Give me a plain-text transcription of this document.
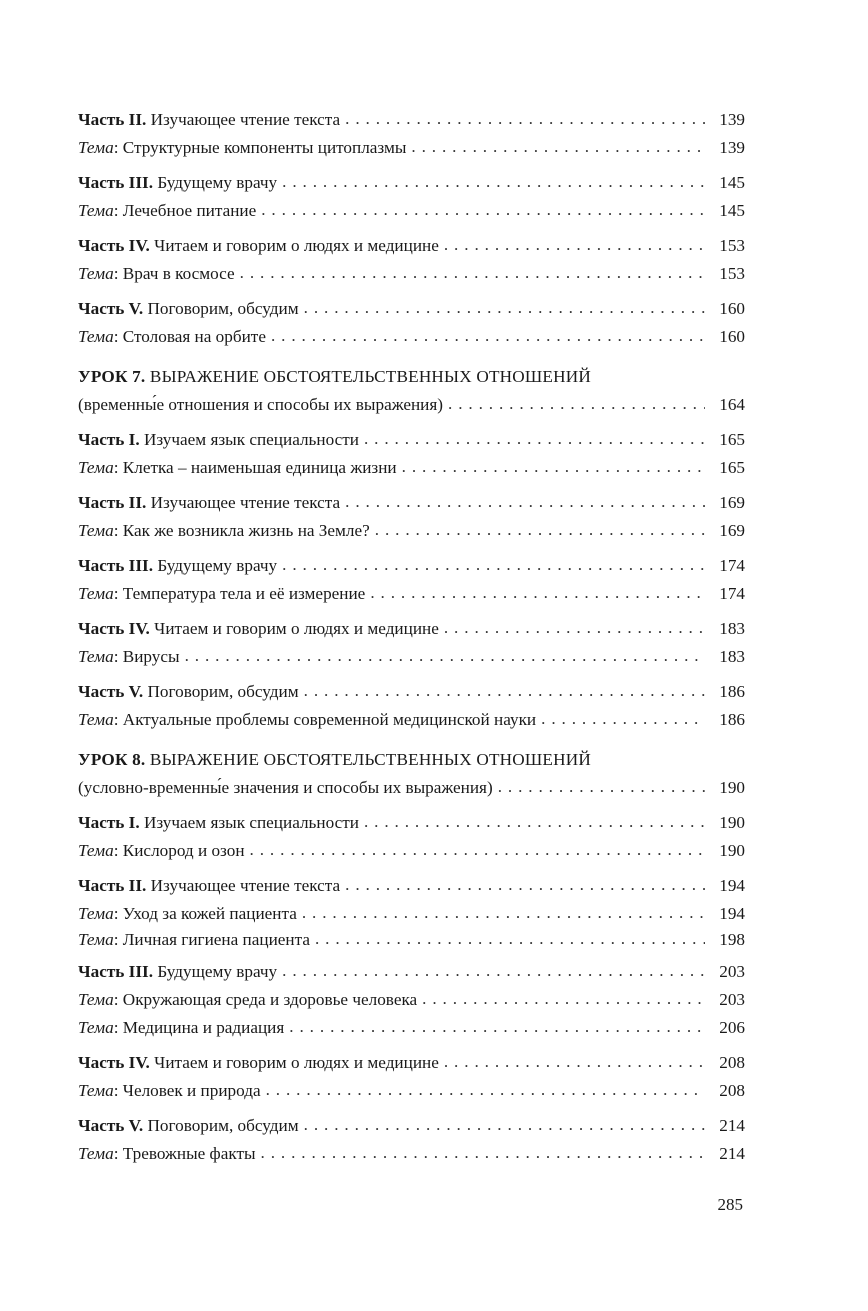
Часть II. Изучающее чтение текста . . .	139
Тема: Структурные компоненты цитоплазмы . . .	139
Часть III. Будущему врачу . . .	145
Тема: Лечебное питание . . .	145
Часть IV. Читаем и говорим о людях и медицине . . .	153
Тема: Врач в космосе . . .	153
Часть V. Поговорим, обсудим . . .	160
Тема: Столовая на орбите . . .	160
УРОК 7. ВЫРАЖЕНИЕ ОБСТОЯТЕЛЬСТВЕННЫХ ОТНОШЕНИЙ
(временны́е отношения и способы их выражения) . . .	164
Часть I. Изучаем язык специальности . . .	165
Тема: Клетка – наименьшая единица жизни . . .	165
Часть II. Изучающее чтение текста . . .	169
Тема: Как же возникла жизнь на Земле? . . .	169
Часть III. Будущему врачу . . .	174
Тема: Температура тела и её измерение . . .	174
Часть IV. Читаем и говорим о людях и медицине . . .	183
Тема: Вирусы . . .	183
Часть V. Поговорим, обсудим . . .	186
Тема: Актуальные проблемы современной медицинской науки . . .	186
УРОК 8. ВЫРАЖЕНИЕ ОБСТОЯТЕЛЬСТВЕННЫХ ОТНОШЕНИЙ
(условно-временны́е значения и способы их выражения) . . .	190
Часть I. Изучаем язык специальности . . .	190
Тема: Кислород и озон . . .	190
Часть II. Изучающее чтение текста . . .	194
Тема: Уход за кожей пациента . . .	194
Тема: Личная гигиена пациента . . .	198
Часть III. Будущему врачу . . .	203
Тема: Окружающая среда и здоровье человека . . .	203
Тема: Медицина и радиация . . .	206
Часть IV. Читаем и говорим о людях и медицине . . .	208
Тема: Человек и природа . . .	208
Часть V. Поговорим, обсудим . . .	214
Тема: Тревожные факты . . .	214
285
